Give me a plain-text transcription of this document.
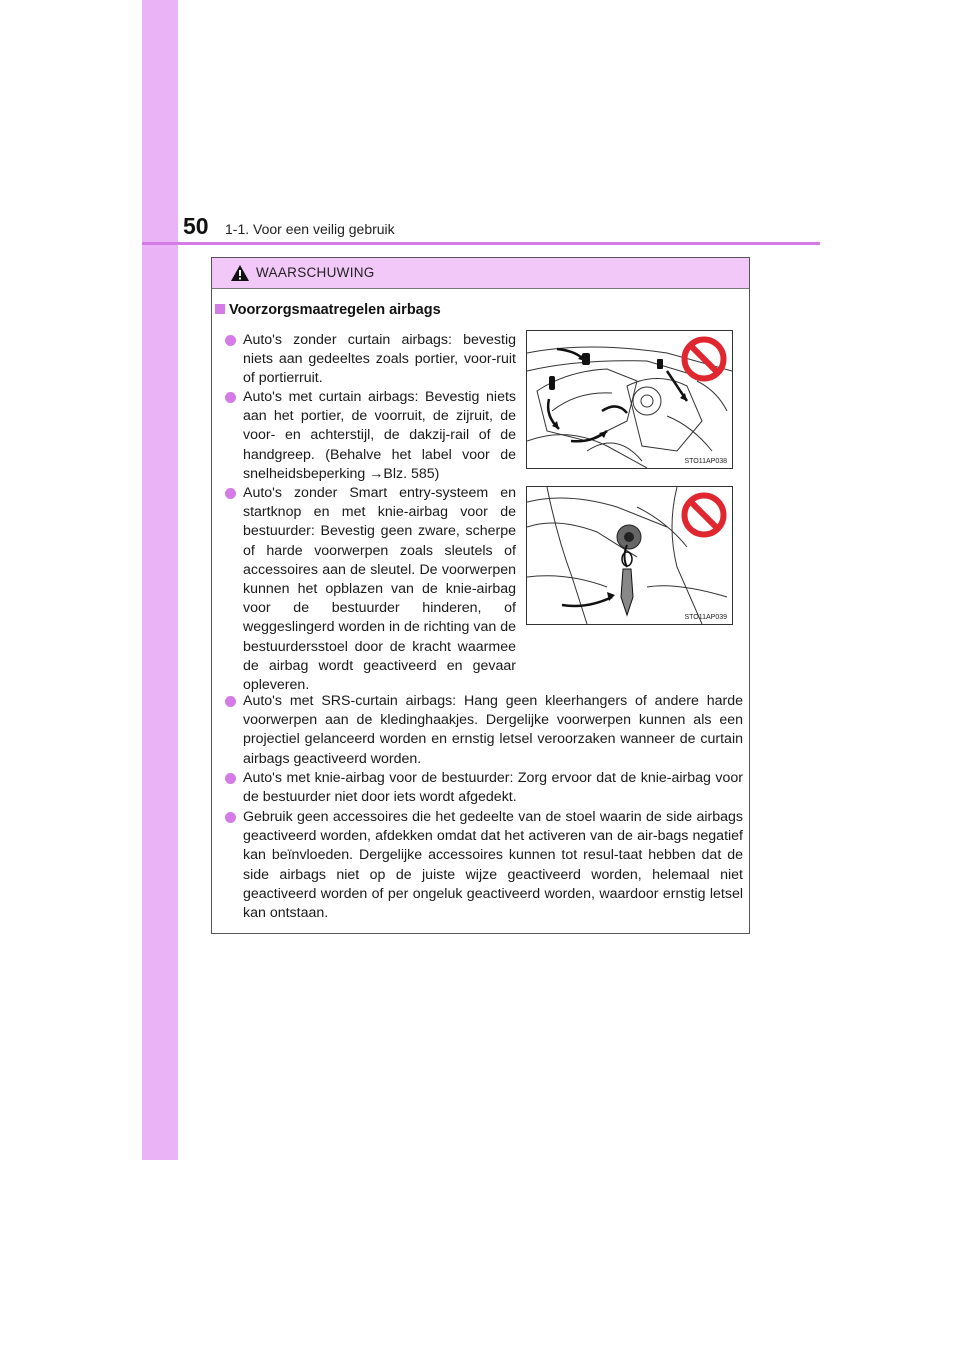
50 1-1. Voor een veilig gebruik
WAARSCHUWING
Voorzorgsmaatregelen airbags
Auto's zonder curtain airbags: bevestig niets aan gedeeltes zoals portier, voor-ruit of portierruit.
Auto's met curtain airbags: Bevestig niets aan het portier, de voorruit, de zijruit, de voor- en achterstijl, de dakzij-rail of de handgreep. (Behalve het label voor de snelheidsbeperking →Blz. 585)
Auto's zonder Smart entry-systeem en startknop en met knie-airbag voor de bestuurder: Bevestig geen zware, scherpe of harde voorwerpen zoals sleutels of accessoires aan de sleutel. De voorwerpen kunnen het opblazen van de knie-airbag voor de bestuurder hinderen, of weggeslingerd worden in de richting van de bestuurdersstoel door de kracht waarmee de airbag wordt geactiveerd en gevaar opleveren.
Auto's met SRS-curtain airbags: Hang geen kleerhangers of andere harde voorwerpen aan de kledinghaakjes. Dergelijke voorwerpen kunnen als een projectiel gelanceerd worden en ernstig letsel veroorzaken wanneer de curtain airbags geactiveerd worden.
Auto's met knie-airbag voor de bestuurder: Zorg ervoor dat de knie-airbag voor de bestuurder niet door iets wordt afgedekt.
Gebruik geen accessoires die het gedeelte van de stoel waarin de side airbags geactiveerd worden, afdekken omdat dat het activeren van de air-bags negatief kan beïnvloeden. Dergelijke accessoires kunnen tot resul-taat hebben dat de side airbags niet op de juiste wijze geactiveerd worden, helemaal niet geactiveerd worden of per ongeluk geactiveerd worden, waardoor ernstig letsel kan ontstaan.
STO11AP038
STO11AP039
